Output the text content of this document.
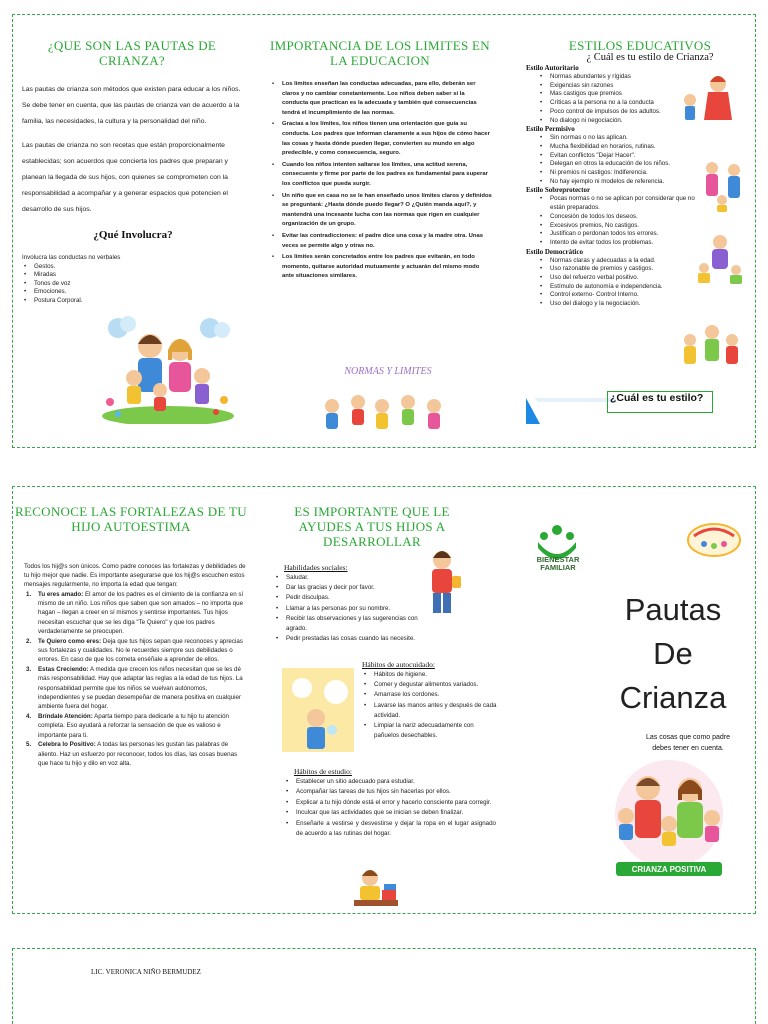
¿QUE SON LAS PAUTAS DE CRIANZA?

Las pautas de crianza son métodos que existen para educar a los niños. Se debe tener en cuenta, que las pautas de crianza van de acuerdo a la familia, las necesidades, la cultura y la personalidad del niño.

Las pautas de crianza no son recetas que están proporcionalmente establecidas; son acuerdos que concierta los padres que preparan y planean la llegada de sus hijos, con quienes se comprometen con la responsabilidad a acompañar y a generar espacios que potencien el desarrollo de sus hijos.

¿Qué Involucra?

Involucra las conductas no verbales

• Gestos.
• Miradas
• Tonos de voz
• Emociones.
• Postura Corporal.
IMPORTANCIA DE LOS LIMITES EN LA EDUCACION
• Los límites enseñan las conductas adecuadas, para ello, deberán ser claros y no cambiar constantemente. Los niños deben saber si la conducta que practican es la adecuada y también qué consecuencias tendrá el incumplimiento de las normas.
• Gracias a los límites, los niños tienen una orientación que guía su conducta. Los padres que informan claramente a sus hijos de cómo hacer las cosas y hasta dónde pueden llegar, convierten su mundo en algo predecible, y como consecuencia, seguro.
• Cuando los niños intenten saltarse los límites, una actitud serena, consecuente y firme por parte de los padres es fundamental para superar los conflictos que pueda surgir.
• Un niño que en casa no se le han enseñado unos límites claros y definidos se preguntará: ¿Hasta dónde puedo llegar? O ¿Quién manda aquí?, y mantendrá una incesante lucha con las normas que rigen en cualquier organización de un grupo.
• Evitar las contradicciones: el padre dice una cosa y la madre otra. Unas veces se permite algo y otras no.
• Los límites serán concretados entre los padres que evitarán, en todo momento, quitarse autoridad mutuamente y actuarán del mismo modo ante situaciones similares.
NORMAS Y LIMITES
ESTILOS EDUCATIVOS
¿ Cuál es tu estilo de Crianza?
Estilo Autoritario
• Normas abundantes y rígidas
• Exigencias sin razones
• Mas castigos que premios
• Críticas a la persona no a la conducta
• Poco control de impulsos de los adultos.
• No dialogo ni negociación.
Estilo Permisivo
• Sin normas o no las aplican.
• Mucha flexibilidad en horarios, rutinas.
• Evitan conflictos "Dejar Hacer".
• Delegan en otros la educación de los niños.
• Ni premios ni castigos: Indiferencia.
• No hay ejemplo ni modelos de referencia.
Estilo Sobreprotector
• Pocas normas o no se aplican por considerar que no están preparados.
• Concesión de todos los deseos.
• Excesivos premios, No castigos.
• Justifican o perdonan todos los errores.
• Intento de evitar todos los problemas.
Estilo Democrático
• Normas claras y adecuadas a la edad.
• Uso razonable de premios y castigos.
• Uso del refuerzo verbal positivo.
• Estímulo de autonomía e independencia.
• Control externo- Control Interno.
• Uso del dialogo y la negociación.
¿Cuál es tu estilo?
RECONOCE LAS FORTALEZAS DE TU HIJO AUTOESTIMA

Todos los hij@s son únicos. Como padre conoces las fortalezas y debilidades de tu hijo mejor que nadie. Es importante asegurarse que los hij@s escuchen estos mensajes regularmente, no importa la edad que tengan:

1. Tu eres amado: El amor de los padres es el cimiento de la confianza en sí mismo de un niño. Los niños que saben que son amados – no importa que hagan – llegan a creer en sí mismos y sentirse importantes. Tus hijos necesitan escuchar que se les diga "Te Quiero" y que los padres verdaderamente se preocupen.
2. Te Quiero como eres: Deja que tus hijos sepan que reconoces y aprecias sus fortalezas y cualidades. No le recuerdes siempre sus debilidades o errores. En caso de que los cometa enséñale a aprender de ellos.
3. Estas Creciendo: A medida que crecen los niños necesitan que se les dé más responsabilidad. Hay que adaptar las reglas a la edad de tus hijos. La responsabilidad permite que los niños se vuelvan autónomos, independientes y se puedan desempeñar de manera positiva en cualquier ambiente fuera del hogar.
4. Bríndale Atención: Aparta tiempo para dedicarle a tu hijo tu atención completa. Eso ayudará a reforzar la sensación de que es valioso e importante para ti.
5. Celebra lo Positivo: A todas las personas les gustan las palabras de aliento. Haz un esfuerzo por reconocer, todos los días, las cosas buenas que hace tu hijo y dilo en voz alta.
ES IMPORTANTE QUE LE AYUDES A TUS HIJOS A DESARROLLAR
Habilidades sociales:
• Saludar.
• Dar las gracias y decir por favor.
• Pedir disculpas.
• Llamar a las personas por su nombre.
• Recibir las observaciones y las sugerencias con agrado.
• Pedir prestadas las cosas cuando las necesite.
Hábitos de autocuidado:
• Hábitos de higiene.
• Comer y degustar alimentos variados.
• Amarrase los cordones.
• Lavarse las manos antes y después de cada actividad.
• Limpiar la nariz adecuadamente con pañuelos desechables.
Hábitos de estudio:
• Establecer un sitio adecuado para estudiar.
• Acompañar las tareas de tus hijos sin hacerlas por ellos.
• Explicar a tu hijo dónde está el error y hacerlo consciente para corregir.
• Inculcar que las actividades que se inician se deben finalizar.
• Enseñarle a vestirse y desvestirse y dejar la ropa en el lugar asignado de acuerdo a las rutinas del hogar.
BIENESTAR
FAMILIAR
Pautas De Crianza
Las cosas que como padre debes tener en cuenta.
CRIANZA POSITIVA
LIC. VERONICA NIÑO BERMUDEZ
